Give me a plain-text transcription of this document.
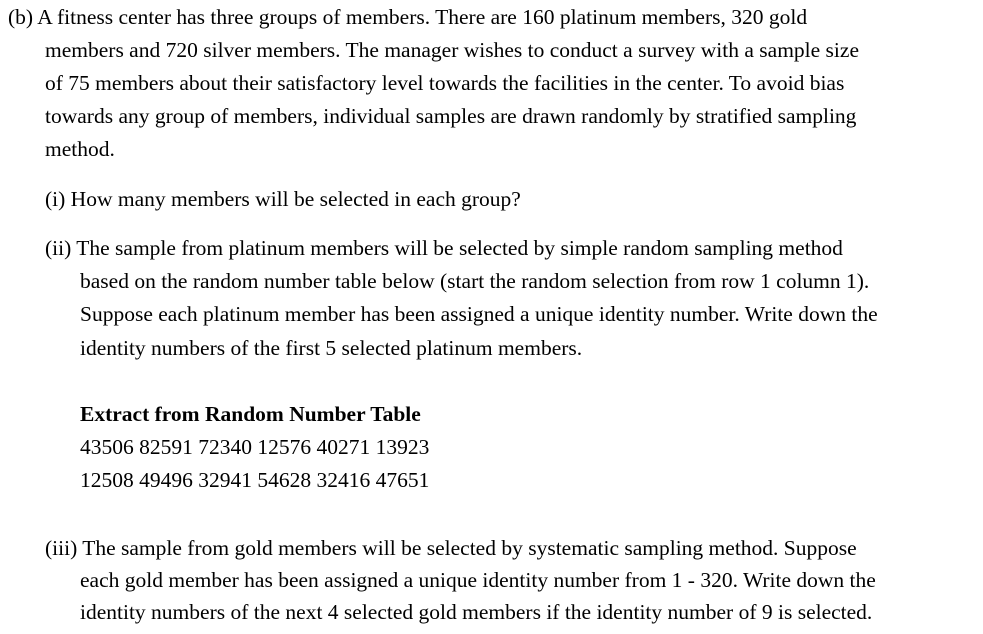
(b) A fitness center has three groups of members. There are 160 platinum members, 320 gold
members and 720 silver members. The manager wishes to conduct a survey with a sample size
of 75 members about their satisfactory level towards the facilities in the center. To avoid bias
towards any group of members, individual samples are drawn randomly by stratified sampling
method.
(i) How many members will be selected in each group?
(ii) The sample from platinum members will be selected by simple random sampling method
based on the random number table below (start the random selection from row 1 column 1).
Suppose each platinum member has been assigned a unique identity number. Write down the
identity numbers of the first 5 selected platinum members.
Extract from Random Number Table
43506 82591 72340 12576 40271 13923
12508 49496 32941 54628 32416 47651
(iii) The sample from gold members will be selected by systematic sampling method. Suppose
each gold member has been assigned a unique identity number from 1 - 320. Write down the
identity numbers of the next 4 selected gold members if the identity number of 9 is selected.
